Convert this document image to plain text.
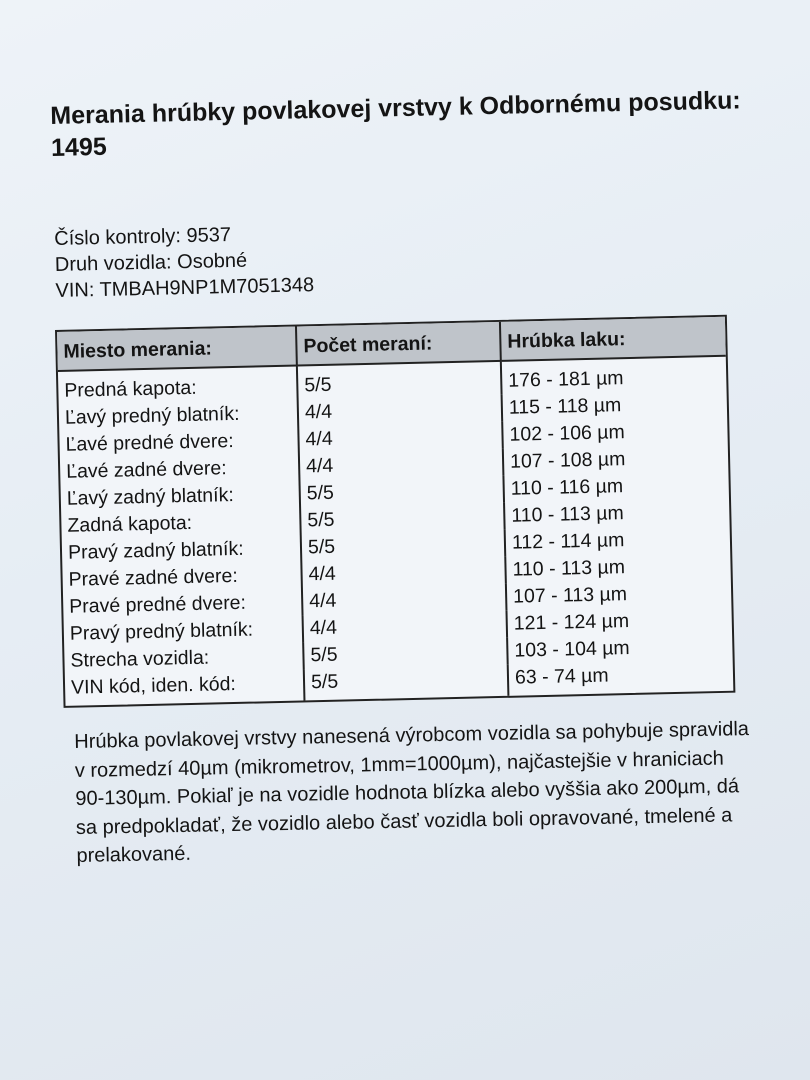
Merania hrúbky povlakovej vrstvy k Odbornému posudku: 1495
Číslo kontroly: 9537
Druh vozidla: Osobné
VIN: TMBAH9NP1M7051348
Miesto merania:	Počet meraní:	Hrúbka laku:
Predná kapota:	5/5	176 - 181 µm
Ľavý predný blatník:	4/4	115 - 118 µm
Ľavé predné dvere:	4/4	102 - 106 µm
Ľavé zadné dvere:	4/4	107 - 108 µm
Ľavý zadný blatník:	5/5	110 - 116 µm
Zadná kapota:	5/5	110 - 113 µm
Pravý zadný blatník:	5/5	112 - 114 µm
Pravé zadné dvere:	4/4	110 - 113 µm
Pravé predné dvere:	4/4	107 - 113 µm
Pravý predný blatník:	4/4	121 - 124 µm
Strecha vozidla:	5/5	103 - 104 µm
VIN kód, iden. kód:	5/5	63 - 74 µm
Hrúbka povlakovej vrstvy nanesená výrobcom vozidla sa pohybuje spravidla v rozmedzí 40µm (mikrometrov, 1mm=1000µm), najčastejšie v hraniciach 90-130µm. Pokiaľ je na vozidle hodnota blízka alebo vyššia ako 200µm, dá sa predpokladať, že vozidlo alebo časť vozidla boli opravované, tmelené a prelakované.
